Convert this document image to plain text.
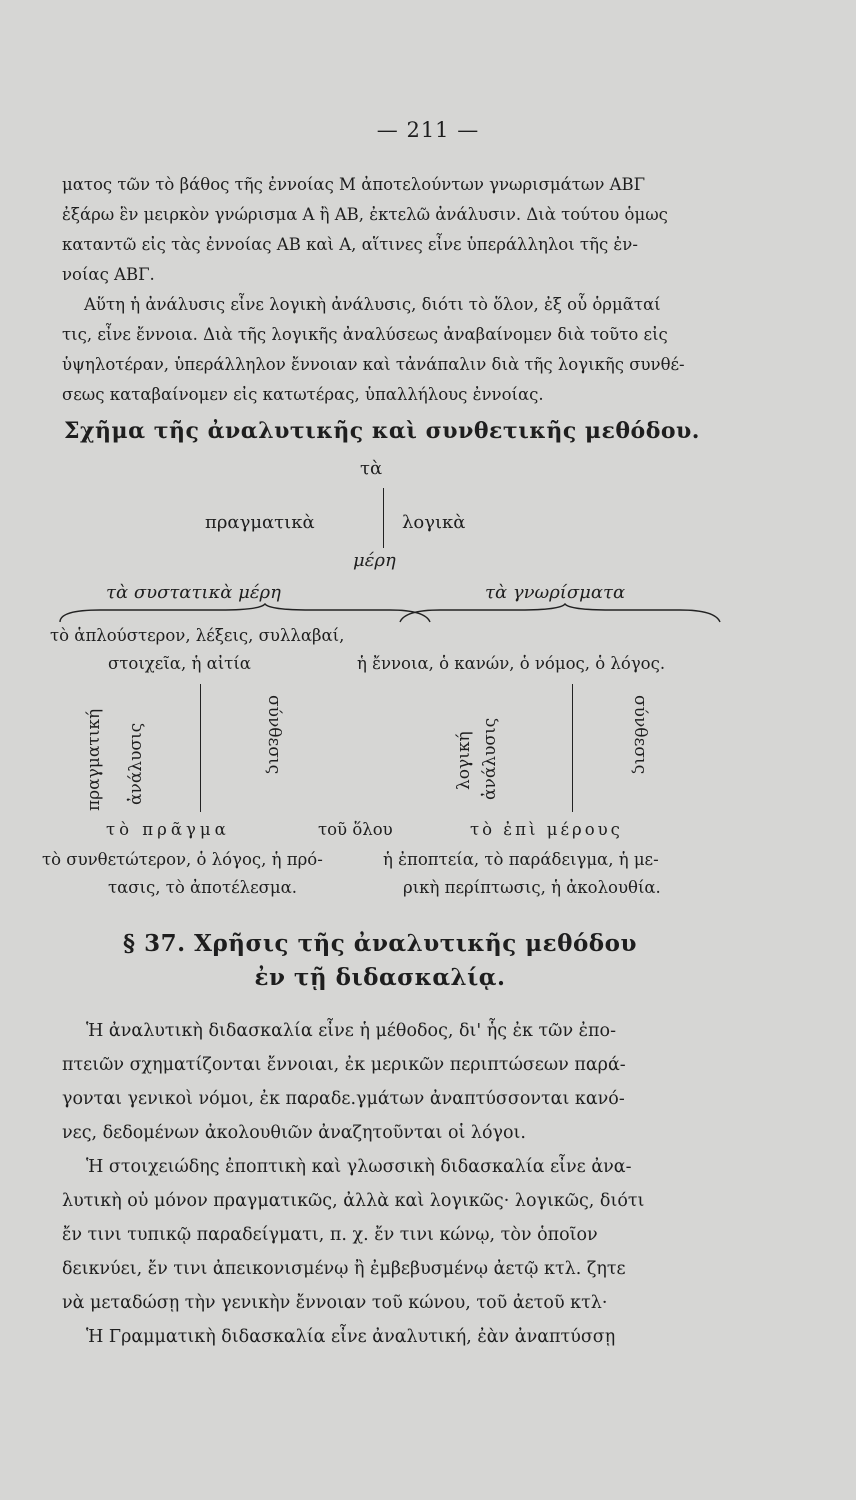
— 211 —
ματος τῶν τὸ βάθος τῆς ἐννοίας Μ ἀποτελούντων γνωρισμάτων ΑΒΓ
ἐξάρω ἓν μειρκὸν γνώρισμα Α ἢ ΑΒ, ἐκτελῶ ἀνάλυσιν. Διὰ τούτου ὁμως
καταντῶ εἰς τὰς ἐννοίας ΑΒ καὶ Α, αἵτινες εἶνε ὑπεράλληλοι τῆς ἐν-
νοίας ΑΒΓ.
Αὕτη ἡ ἀνάλυσις εἶνε λογικὴ ἀνάλυσις, διότι τὸ ὅλον, ἐξ οὗ ὁρμᾶταί
τις, εἶνε ἔννοια. Διὰ τῆς λογικῆς ἀναλύσεως ἀναβαίνομεν διὰ τοῦτο εἰς
ὑψηλοτέραν, ὑπεράλληλον ἔννοιαν καὶ τἀνάπαλιν διὰ τῆς λογικῆς συνθέ-
σεως καταβαίνομεν εἰς κατωτέρας, ὑπαλλήλους ἐννοίας.
Σχῆμα τῆς ἀναλυτικῆς καὶ συνθετικῆς μεθόδου.
τὰ
πραγματικὰ	λογικὰ
μέρη
τὰ συστατικὰ μέρη	τὰ γνωρίσματα
τὸ ἁπλούστερον, λέξεις, συλλαβαί,
στοιχεῖα, ἡ αἰτία	ἡ ἔννοια, ὁ κανών, ὁ νόμος, ὁ λόγος.
πραγματική ἀνάλυσις	σύνθεσις	λογική ἀνάλυσις	σύνθεσις
τὸ πρᾶγμα	τοῦ ὅλου	τὸ ἐπὶ μέρους
τὸ συνθετώτερον, ὁ λόγος, ἡ πρό-
τασις, τὸ ἀποτέλεσμα.
ἡ ἐποπτεία, τὸ παράδειγμα, ἡ με-
ρικὴ περίπτωσις, ἡ ἀκολουθία.
§ 37. Χρῆσις τῆς ἀναλυτικῆς μεθόδου
ἐν τῇ διδασκαλίᾳ.
Ἡ ἀναλυτικὴ διδασκαλία εἶνε ἡ μέθοδος, δι' ἧς ἐκ τῶν ἐπο-
πτειῶν σχηματίζονται ἔννοιαι, ἐκ μερικῶν περιπτώσεων παρά-
γονται γενικοὶ νόμοι, ἐκ παραδε.γμάτων ἀναπτύσσονται κανό-
νες, δεδομένων ἀκολουθιῶν ἀναζητοῦνται οἱ λόγοι.
Ἡ στοιχειώδης ἐποπτικὴ καὶ γλωσσικὴ διδασκαλία εἶνε ἀνα-
λυτικὴ οὐ μόνον πραγματικῶς, ἀλλὰ καὶ λογικῶς· λογικῶς, διότι
ἔν τινι τυπικῷ παραδείγματι, π. χ. ἔν τινι κώνῳ, τὸν ὁποῖον
δεικνύει, ἔν τινι ἀπεικονισμένῳ ἢ ἐμβεβυσμένῳ ἀετῷ κτλ. ζητε
νὰ μεταδώσῃ τὴν γενικὴν ἔννοιαν τοῦ κώνου, τοῦ ἀετοῦ κτλ·
Ἡ Γραμματικὴ διδασκαλία εἶνε ἀναλυτική, ἐὰν ἀναπτύσσῃ
